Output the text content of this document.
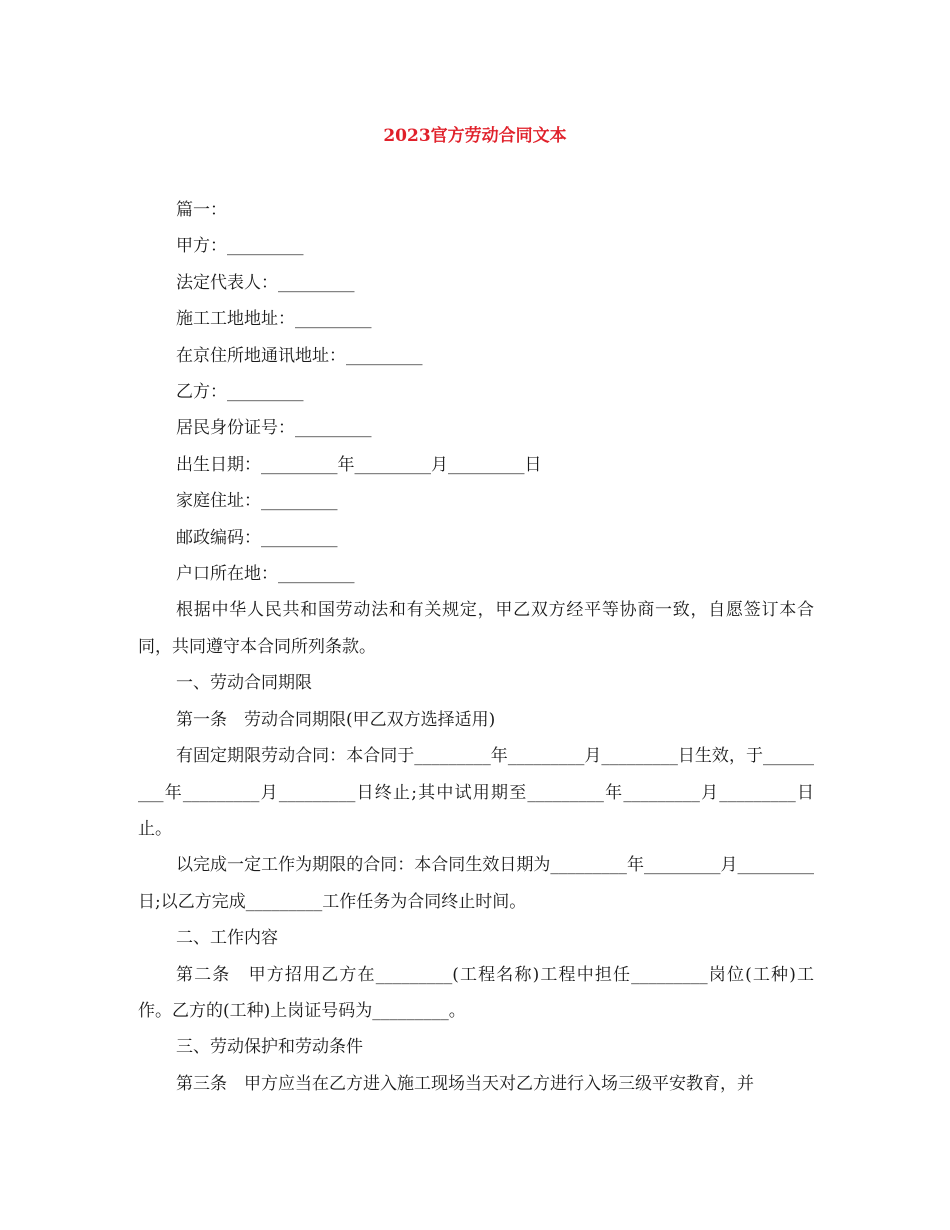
2023官方劳动合同文本

篇一：

甲方：_________

法定代表人：_________

施工工地地址：_________

在京住所地通讯地址：_________

乙方：_________

居民身份证号：_________

出生日期：_________年_________月_________日

家庭住址：_________

邮政编码：_________

户口所在地：_________

根据中华人民共和国劳动法和有关规定，甲乙双方经平等协商一致，自愿签订本合同，共同遵守本合同所列条款。

一、劳动合同期限

第一条　劳动合同期限(甲乙双方选择适用)

有固定期限劳动合同：本合同于_________年_________月_________日生效，于_________年_________月_________日终止;其中试用期至_________年_________月_________日止。

以完成一定工作为期限的合同：本合同生效日期为_________年_________月_________日;以乙方完成_________工作任务为合同终止时间。

二、工作内容

第二条　甲方招用乙方在_________(工程名称)工程中担任_________岗位(工种)工作。乙方的(工种)上岗证号码为_________。

三、劳动保护和劳动条件

第三条　甲方应当在乙方进入施工现场当天对乙方进行入场三级平安教育，并
